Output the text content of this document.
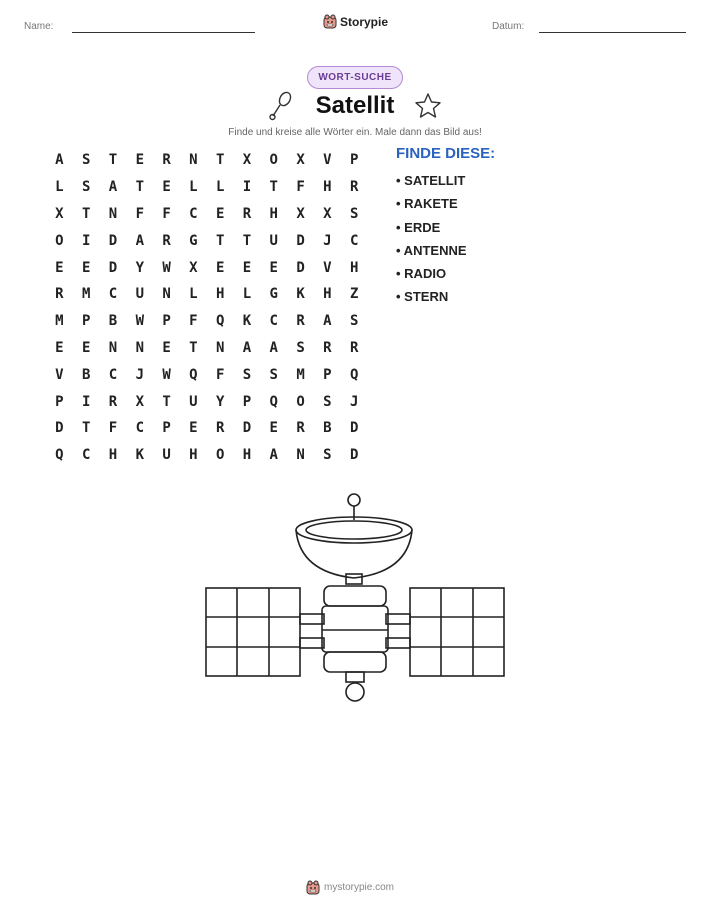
Name:	Storypie	Datum:
WORT-SUCHE
Satellit
Finde und kreise alle Wörter ein. Male dann das Bild aus!
A	S	T	E	R	N	T	X	O	X	V	P
L	S	A	T	E	L	L	I	T	F	H	R
X	T	N	F	F	C	E	R	H	X	X	S
O	I	D	A	R	G	T	T	U	D	J	C
E	E	D	Y	W	X	E	E	E	D	V	H
R	M	C	U	N	L	H	L	G	K	H	Z
M	P	B	W	P	F	Q	K	C	R	A	S
E	E	N	N	E	T	N	A	A	S	R	R
V	B	C	J	W	Q	F	S	S	M	P	Q
P	I	R	X	T	U	Y	P	Q	O	S	J
D	T	F	C	P	E	R	D	E	R	B	D
Q	C	H	K	U	H	O	H	A	N	S	D
FINDE DIESE:
• SATELLIT
• RAKETE
• ERDE
• ANTENNE
• RADIO
• STERN
mystorypie.com
